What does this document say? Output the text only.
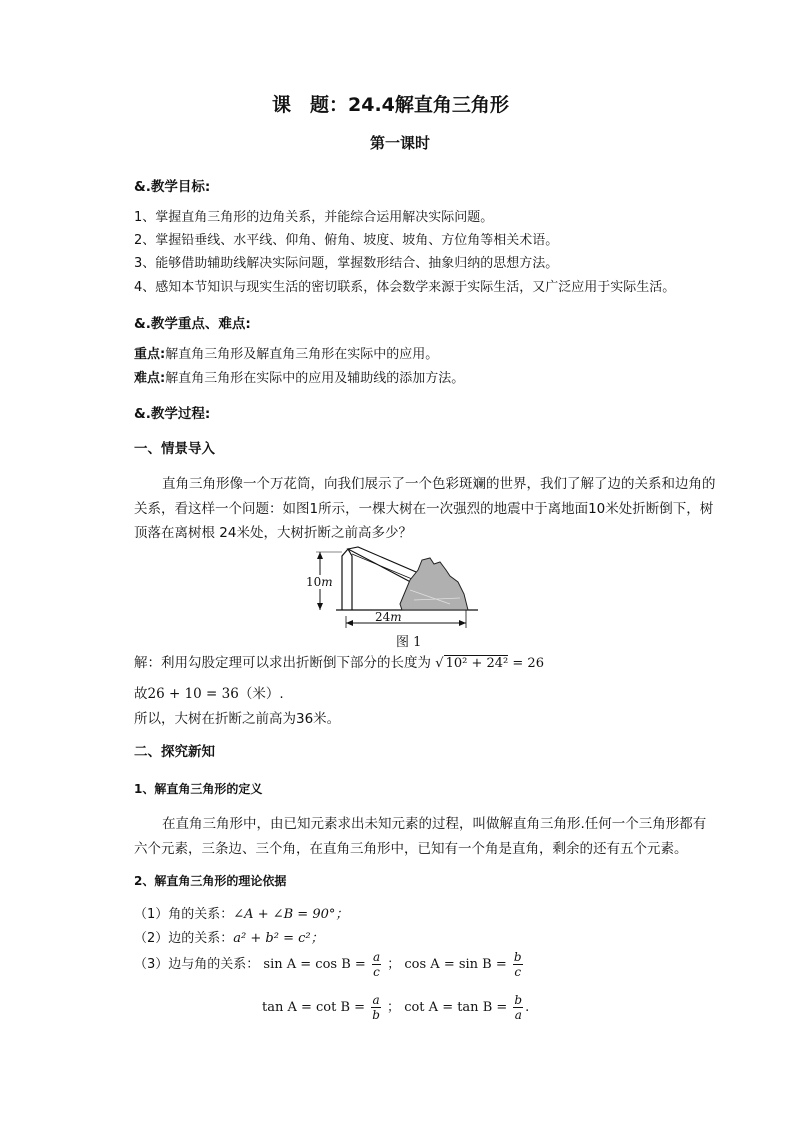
课　题：24.4解直角三角形
第一课时
&.教学目标:
1、掌握直角三角形的边角关系，并能综合运用解决实际问题。
2、掌握铅垂线、水平线、仰角、俯角、坡度、坡角、方位角等相关术语。
3、能够借助辅助线解决实际问题，掌握数形结合、抽象归纳的思想方法。
4、感知本节知识与现实生活的密切联系，体会数学来源于实际生活，又广泛应用于实际生活。
&.教学重点、难点:
重点:解直角三角形及解直角三角形在实际中的应用。
难点:解直角三角形在实际中的应用及辅助线的添加方法。
&.教学过程:
一、情景导入
直角三角形像一个万花筒，向我们展示了一个色彩斑斓的世界，我们了解了边的关系和边角的
关系，看这样一个问题：如图1所示，一棵大树在一次强烈的地震中于离地面10米处折断倒下，树
顶落在离树根 24米处，大树折断之前高多少？
10m
24m
图 1
解：利用勾股定理可以求出折断倒下部分的长度为 √ 10² + 24² = 26
故26 + 10 = 36（米）.
所以，大树在折断之前高为36米。
二、探究新知
1、解直角三角形的定义
在直角三角形中，由已知元素求出未知元素的过程，叫做解直角三角形.任何一个三角形都有
六个元素，三条边、三个角，在直角三角形中，已知有一个角是直角，剩余的还有五个元素。
2、解直角三角形的理论依据
（1）角的关系：∠A + ∠B = 90°；
（2）边的关系：a² + b² = c²；
（3）边与角的关系： $\sin A = \cos B = \frac{a}{c}$ ； $\cos A = \sin B = \frac{b}{c}$
$\tan A = \cot B = \frac{a}{b}$ ； $\cot A = \tan B = \frac{b}{a}$ .
